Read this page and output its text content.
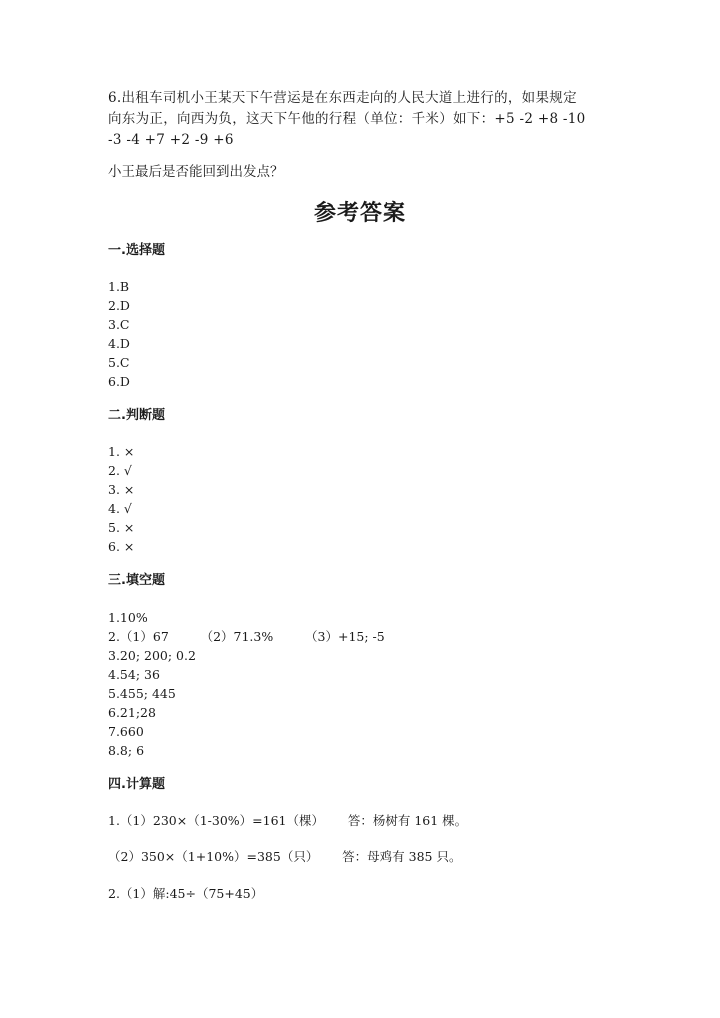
6.出租车司机小王某天下午营运是在东西走向的人民大道上进行的，如果规定
向东为正，向西为负，这天下午他的行程（单位：千米）如下：+5 -2 +8 -10
-3 -4 +7 +2 -9 +6
小王最后是否能回到出发点？
参考答案
一.选择题
1.B
2.D
3.C
4.D
5.C
6.D
二.判断题
1. ×
2. √
3. ×
4. √
5. ×
6. ×
三.填空题
1.10%
2.（1）67        （2）71.3%        （3）+15; -5
3.20; 200; 0.2
4.54; 36
5.455; 445
6.21;28
7.660
8.8; 6
四.计算题
1.（1）230×（1-30%）=161（棵）      答：杨树有 161 棵。
（2）350×（1+10%）=385（只）      答：母鸡有 385 只。
2.（1）解:45÷（75+45）
